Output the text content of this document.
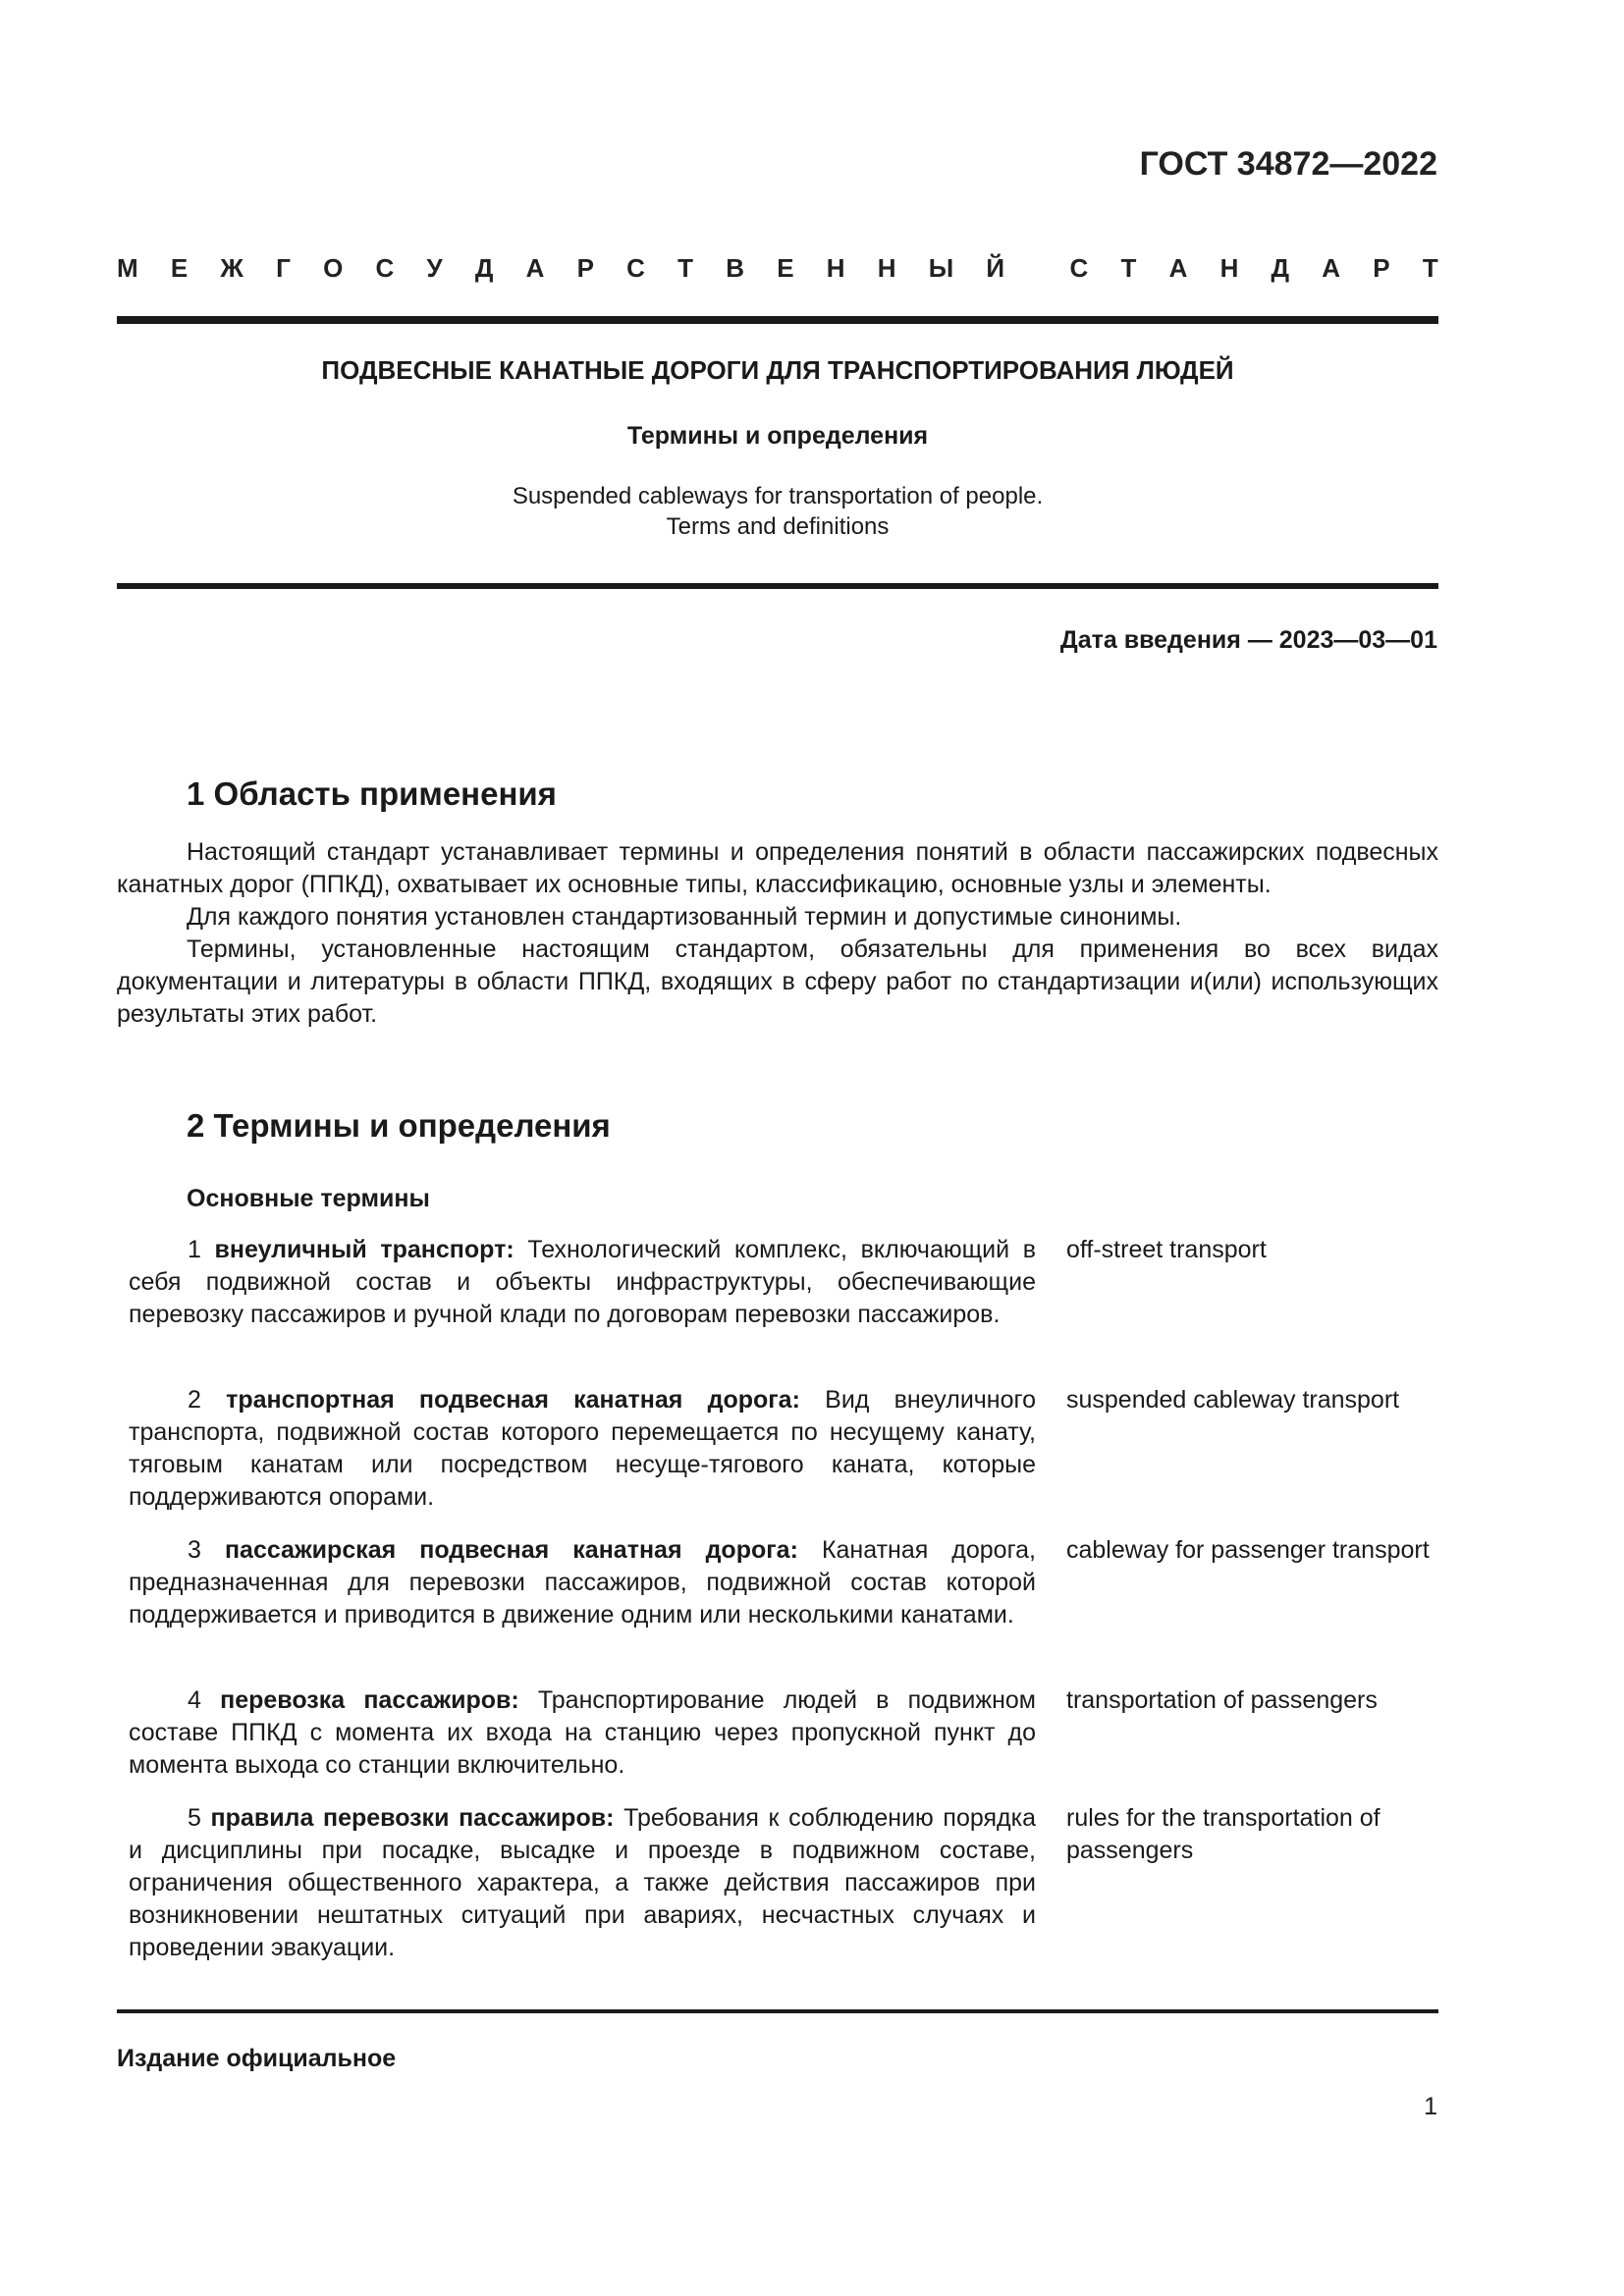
ГОСТ 34872—2022
М Е Ж Г О С У Д А Р С Т В Е Н Н Ы Й	С Т А Н Д А Р Т
ПОДВЕСНЫЕ КАНАТНЫЕ ДОРОГИ ДЛЯ ТРАНСПОРТИРОВАНИЯ ЛЮДЕЙ
Термины и определения
Suspended cableways for transportation of people.
Terms and definitions
Дата введения — 2023—03—01
1 Область применения

Настоящий стандарт устанавливает термины и определения понятий в области пассажирских подвесных канатных дорог (ППКД), охватывает их основные типы, классификацию, основные узлы и элементы.

Для каждого понятия установлен стандартизованный термин и допустимые синонимы.

Термины, установленные настоящим стандартом, обязательны для применения во всех видах документации и литературы в области ППКД, входящих в сферу работ по стандартизации и(или) использующих результаты этих работ.

2 Термины и определения
Основные термины
1 внеуличный транспорт: Технологический комплекс, включающий в себя подвижной состав и объекты инфраструктуры, обеспечивающие перевозку пассажиров и ручной клади по договорам перевозки пассажиров.
off-street transport
2 транспортная подвесная канатная дорога: Вид внеуличного транспорта, подвижной состав которого перемещается по несущему канату, тяговым канатам или посредством несуще-тягового каната, которые поддерживаются опорами.
suspended cableway transport
3 пассажирская подвесная канатная дорога: Канатная дорога, предназначенная для перевозки пассажиров, подвижной состав которой поддерживается и приводится в движение одним или несколькими канатами.
cableway for passenger transport
4 перевозка пассажиров: Транспортирование людей в подвижном составе ППКД с момента их входа на станцию через пропускной пункт до момента выхода со станции включительно.
transportation of passengers
5 правила перевозки пассажиров: Требования к соблюдению порядка и дисциплины при посадке, высадке и проезде в подвижном составе, ограничения общественного характера, а также действия пассажиров при возникновении нештатных ситуаций при авариях, несчастных случаях и проведении эвакуации.
rules for the transportation of passengers
Издание официальное
1
